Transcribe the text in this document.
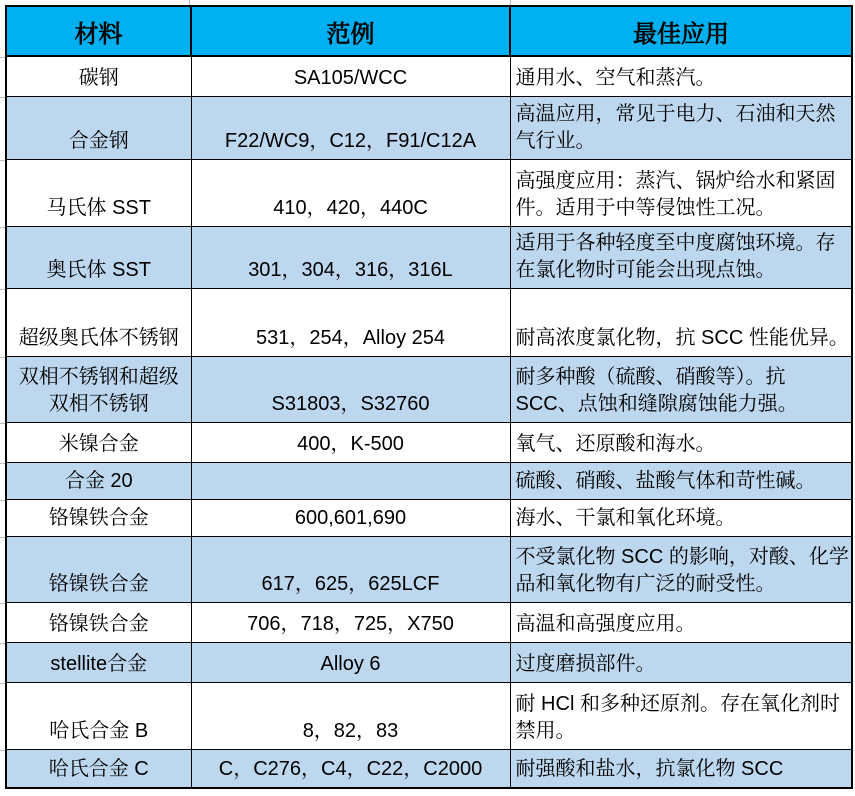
材料	范例	最佳应用
碳钢	SA105/WCC	通用水、空气和蒸汽。
合金钢	F22/WC9，C12，F91/C12A	高温应用，常见于电力、石油和天然气行业。
马氏体 SST	410，420，440C	高强度应用：蒸汽、锅炉给水和紧固件。适用于中等侵蚀性工况。
奥氏体 SST	301，304，316，316L	适用于各种轻度至中度腐蚀环境。存在氯化物时可能会出现点蚀。
超级奥氏体不锈钢	531，254，Alloy 254	耐高浓度氯化物，抗 SCC 性能优异。
双相不锈钢和超级双相不锈钢	S31803，S32760	耐多种酸（硫酸、硝酸等）。抗 SCC、点蚀和缝隙腐蚀能力强。
米镍合金	400，K-500	氧气、还原酸和海水。
合金 20		硫酸、硝酸、盐酸气体和苛性碱。
铬镍铁合金	600,601,690	海水、干氯和氧化环境。
铬镍铁合金	617，625，625LCF	不受氯化物 SCC 的影响，对酸、化学品和氧化物有广泛的耐受性。
铬镍铁合金	706，718，725，X750	高温和高强度应用。
stellite合金	Alloy 6	过度磨损部件。
哈氏合金 B	8，82，83	耐 HCl 和多种还原剂。存在氧化剂时禁用。
哈氏合金 C	C，C276，C4，C22，C2000	耐强酸和盐水，抗氯化物 SCC
